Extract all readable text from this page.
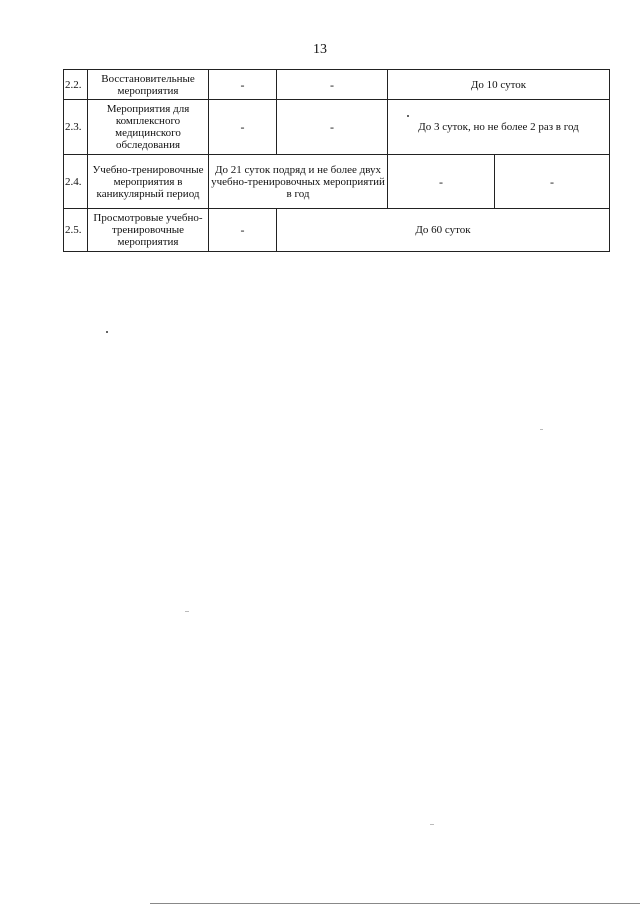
13
2.2.	Восстановительные мероприятия	-	-	До 10 суток	
2.3.	Мероприятия для комплексного медицинского обследования	-	-	До 3 суток, но не более 2 раз в год	
2.4.	Учебно-тренировочные мероприятия в каникулярный период	До 21 суток подряд и не более двух учебно-тренировочных мероприятий в год		-	-
2.5.	Просмотровые учебно-тренировочные мероприятия	-	До 60 суток		
